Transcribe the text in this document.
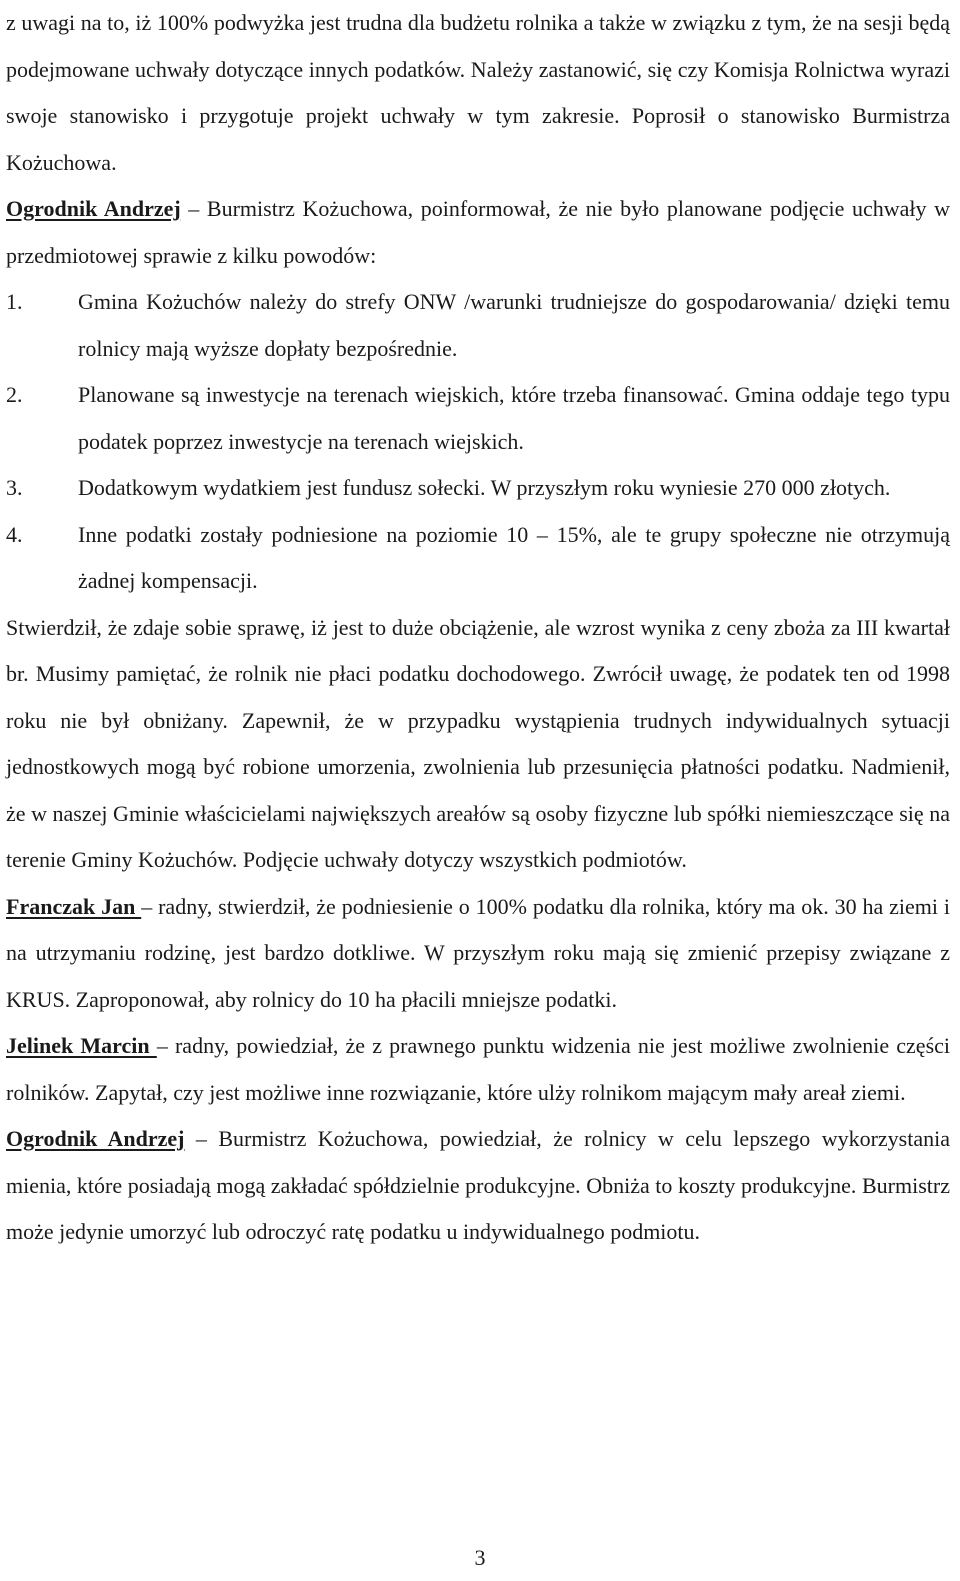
z uwagi na to, iż 100% podwyżka jest trudna dla budżetu rolnika a także w związku z tym, że na sesji będą podejmowane uchwały dotyczące innych podatków. Należy zastanowić, się czy Komisja Rolnictwa wyrazi swoje stanowisko i przygotuje projekt uchwały w tym zakresie. Poprosił o stanowisko Burmistrza Kożuchowa.

Ogrodnik Andrzej – Burmistrz Kożuchowa, poinformował, że nie było planowane podjęcie uchwały w przedmiotowej sprawie z kilku powodów:

1.	Gmina Kożuchów należy do strefy ONW /warunki trudniejsze do gospodarowania/ dzięki temu rolnicy mają wyższe dopłaty bezpośrednie.
2.	Planowane są inwestycje na terenach wiejskich, które trzeba finansować. Gmina oddaje tego typu podatek poprzez inwestycje na terenach wiejskich.
3.	Dodatkowym wydatkiem jest fundusz sołecki. W przyszłym roku wyniesie 270 000 złotych.
4.	Inne podatki zostały podniesione na poziomie 10 – 15%, ale te grupy społeczne nie otrzymują żadnej kompensacji.

Stwierdził, że zdaje sobie sprawę, iż jest to duże obciążenie, ale wzrost wynika z ceny zboża za III kwartał br. Musimy pamiętać, że rolnik nie płaci podatku dochodowego. Zwrócił uwagę, że podatek ten od 1998 roku nie był obniżany. Zapewnił, że w przypadku wystąpienia trudnych indywidualnych sytuacji jednostkowych mogą być robione umorzenia, zwolnienia lub przesunięcia płatności podatku. Nadmienił, że w naszej Gminie właścicielami największych areałów są osoby fizyczne lub spółki niemieszczące się na terenie Gminy Kożuchów. Podjęcie uchwały dotyczy wszystkich podmiotów.

Franczak Jan – radny, stwierdził, że podniesienie o 100% podatku dla rolnika, który ma ok. 30 ha ziemi i na utrzymaniu rodzinę, jest bardzo dotkliwe. W przyszłym roku mają się zmienić przepisy związane z KRUS. Zaproponował, aby rolnicy do 10 ha płacili mniejsze podatki.

Jelinek Marcin – radny, powiedział, że z prawnego punktu widzenia nie jest możliwe zwolnienie części rolników. Zapytał, czy jest możliwe inne rozwiązanie, które ulży rolnikom mającym mały areał ziemi.

Ogrodnik Andrzej – Burmistrz Kożuchowa, powiedział, że rolnicy w celu lepszego wykorzystania mienia, które posiadają mogą zakładać spółdzielnie produkcyjne. Obniża to koszty produkcyjne. Burmistrz może jedynie umorzyć lub odroczyć ratę podatku u indywidualnego podmiotu.

3
